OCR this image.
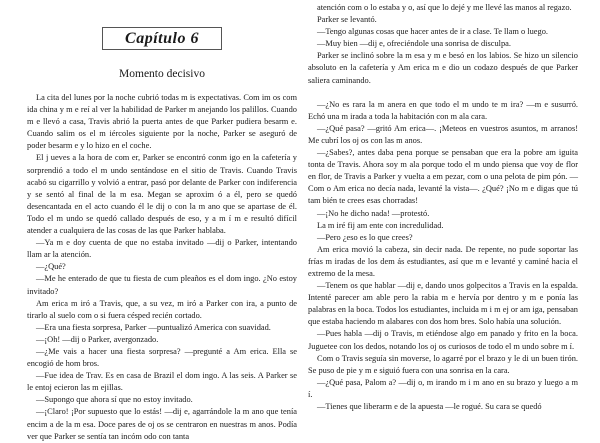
Capítulo 6
Momento decisivo

La cita del lunes por la noche cubrió todas m is expectativas. Com im os com ida china y m e reí al ver la habilidad de Parker m anejando los palillos. Cuando m e llevó a casa, Travis abrió la puerta antes de que Parker pudiera besarm e. Cuando salim os el m iércoles siguiente por la noche, Parker se aseguró de poder besarm e y lo hizo en el coche.

El j ueves a la hora de com er, Parker se encontró conm igo en la cafetería y sorprendió a todo el m undo sentándose en el sitio de Travis. Cuando Travis acabó su cigarrillo y volvió a entrar, pasó por delante de Parker con indiferencia y se sentó al final de la m esa. Megan se aproxim ó a él, pero se quedó desencantada en el acto cuando él le dij o con la m ano que se apartase de él. Todo el m undo se quedó callado después de eso, y a m í m e resultó difícil atender a cualquiera de las cosas de las que Parker hablaba.

—Ya m e doy cuenta de que no estaba invitado —dij o Parker, intentando llam ar la atención.

—¿Qué?

—Me he enterado de que tu fiesta de cum pleaños es el dom ingo. ¿No estoy invitado?

Am erica m iró a Travis, que, a su vez, m iró a Parker con ira, a punto de tirarlo al suelo com o si fuera césped recién cortado.

—Era una fiesta sorpresa, Parker —puntualizó America con suavidad.

—¡Oh! —dij o Parker, avergonzado.

—¿Me vais a hacer una fiesta sorpresa? —pregunté a Am erica. Ella se encogió de hom bros.

—Fue idea de Trav. Es en casa de Brazil el dom ingo. A las seis. A Parker se le entoj ecieron las m ejillas.

—Supongo que ahora sí que no estoy invitado.

—¡Claro! ¡Por supuesto que lo estás! —dij e, agarrándole la m ano que tenía encim a de la m esa. Doce pares de oj os se centraron en nuestras m anos. Podía ver que Parker se sentía tan incóm odo con tanta

atención com o lo estaba y o, así que lo dejé y me llevé las manos al regazo.

Parker se levantó.

—Tengo algunas cosas que hacer antes de ir a clase. Te llam o luego.

—Muy bien —dij e, ofreciéndole una sonrisa de disculpa.

Parker se inclinó sobre la m esa y m e besó en los labios. Se hizo un silencio absoluto en la cafetería y Am erica m e dio un codazo después de que Parker saliera caminando.

—¿No es rara la m anera en que todo el m undo te m ira? —m e susurró. Echó una m irada a toda la habitación con m ala cara.

—¿Qué pasa? —gritó Am erica—. ¡Meteos en vuestros asuntos, m arranos! Me cubrí los oj os con las m anos.

—¿Sabes?, antes daba pena porque se pensaban que era la pobre am iguita tonta de Travis. Ahora soy m ala porque todo el m undo piensa que voy de flor en flor, de Travis a Parker y vuelta a em pezar, com o una pelota de pim pón. — Com o Am erica no decía nada, levanté la vista—. ¿Qué? ¡No m e digas que tú tam bién te crees esas chorradas!

—¡No he dicho nada! —protestó.

La m iré fij am ente con incredulidad.

—Pero ¿eso es lo que crees?

Am erica movió la cabeza, sin decir nada. De repente, no pude soportar las frías m iradas de los dem ás estudiantes, así que m e levanté y caminé hacia el extremo de la mesa.

—Tenem os que hablar —dij e, dando unos golpecitos a Travis en la espalda. Intenté parecer am able pero la rabia m e hervía por dentro y m e ponía las palabras en la boca. Todos los estudiantes, incluida m i m ej or am iga, pensaban que estaba haciendo m alabares con dos hom bres. Solo había una solución.

—Pues habla —dij o Travis, m etiéndose algo em panado y frito en la boca. Juguetee con los dedos, notando los oj os curiosos de todo el m undo sobre m í.

Com o Travis seguía sin moverse, lo agarré por el brazo y le di un buen tirón. Se puso de pie y m e siguió fuera con una sonrisa en la cara.

—¿Qué pasa, Palom a? —dij o, m irando m i m ano en su brazo y luego a m í.

—Tienes que liberarm e de la apuesta —le rogué. Su cara se quedó
